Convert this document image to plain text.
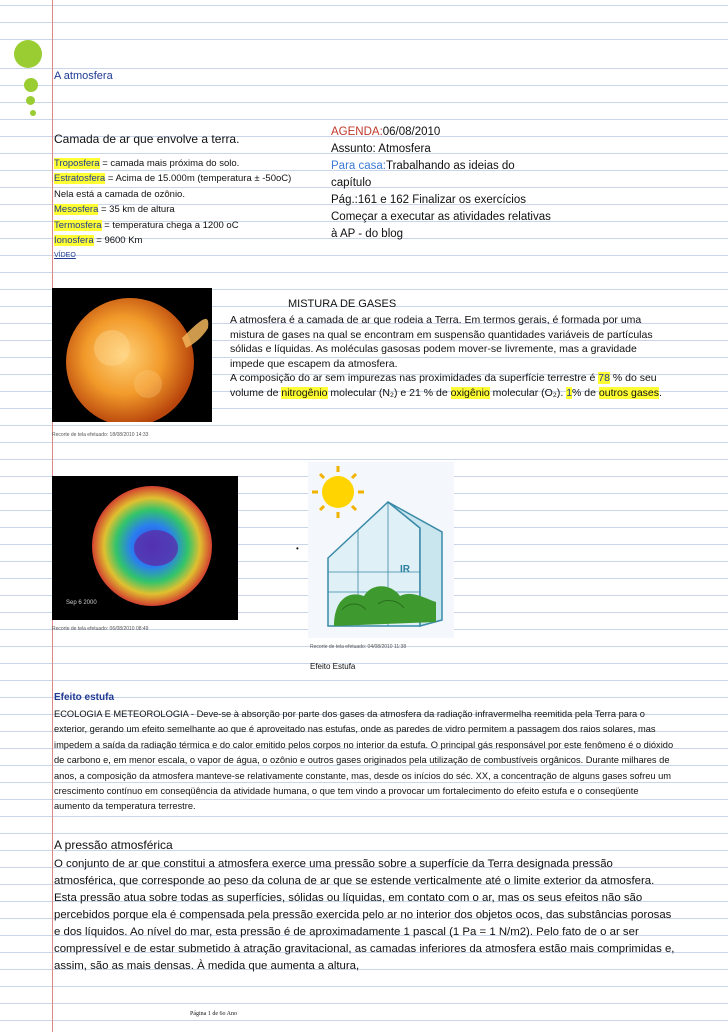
A atmosfera
Camada de ar que envolve a terra.
Troposfera = camada mais próxima do solo.
Estratosfera = Acima de 15.000m (temperatura ± -50oC)
Nela está a camada de ozônio.
Mesosfera = 35 km de altura
Termosfera = temperatura chega a 1200 oC
Ionosfera = 9600 Km
VÍDEO
AGENDA:06/08/2010
Assunto: Atmosfera
Para casa:Trabalhando as ideias do capítulo
Pág.:161 e 162 Finalizar os exercícios
Começar a executar as atividades relativas à AP - do blog
Recorte de tela efetuado: 18/08/2010 14:33
MISTURA DE GASES
A atmosfera é a camada de ar que rodeia a Terra. Em termos gerais, é formada por uma mistura de gases na qual se encontram em suspensão quantidades variáveis de partículas sólidas e líquidas. As moléculas gasosas podem mover-se livremente, mas a gravidade impede que escapem da atmosfera.
A composição do ar sem impurezas nas proximidades da superfície terrestre é 78 % do seu volume de nitrogênio molecular (N₂) e 21 % de oxigênio molecular (O₂). 1% de outros gases.
Sep 6 2000
Recorte de tela efetuado: 06/08/2010 08:49
•
IR
Recorte de tela efetuado: 04/08/2010 11:38
Efeito Estufa
Efeito estufa
ECOLOGIA E METEOROLOGIA - Deve-se à absorção por parte dos gases da atmosfera da radiação infravermelha reemitida pela Terra para o exterior, gerando um efeito semelhante ao que é aproveitado nas estufas, onde as paredes de vidro permitem a passagem dos raios solares, mas impedem a saída da radiação térmica e do calor emitido pelos corpos no interior da estufa. O principal gás responsável por este fenômeno é o dióxido de carbono e, em menor escala, o vapor de água, o ozônio e outros gases originados pela utilização de combustíveis orgânicos. Durante milhares de anos, a composição da atmosfera manteve-se relativamente constante, mas, desde os inícios do séc. XX, a concentração de alguns gases sofreu um crescimento contínuo em conseqüência da atividade humana, o que tem vindo a provocar um fortalecimento do efeito estufa e o conseqüente aumento da temperatura terrestre.
A pressão atmosférica
O conjunto de ar que constitui a atmosfera exerce uma pressão sobre a superfície da Terra designada pressão atmosférica, que corresponde ao peso da coluna de ar que se estende verticalmente até o limite exterior da atmosfera. Esta pressão atua sobre todas as superfícies, sólidas ou líquidas, em contato com o ar, mas os seus efeitos não são percebidos porque ela é compensada pela pressão exercida pelo ar no interior dos objetos ocos, das substâncias porosas e dos líquidos. Ao nível do mar, esta pressão é de aproximadamente 1 pascal (1 Pa = 1 N/m2). Pelo fato de o ar ser compressível e de estar submetido à atração gravitacional, as camadas inferiores da atmosfera estão mais comprimidas e, assim, são as mais densas. À medida que aumenta a altura,
Página 1 de 6o Ano
